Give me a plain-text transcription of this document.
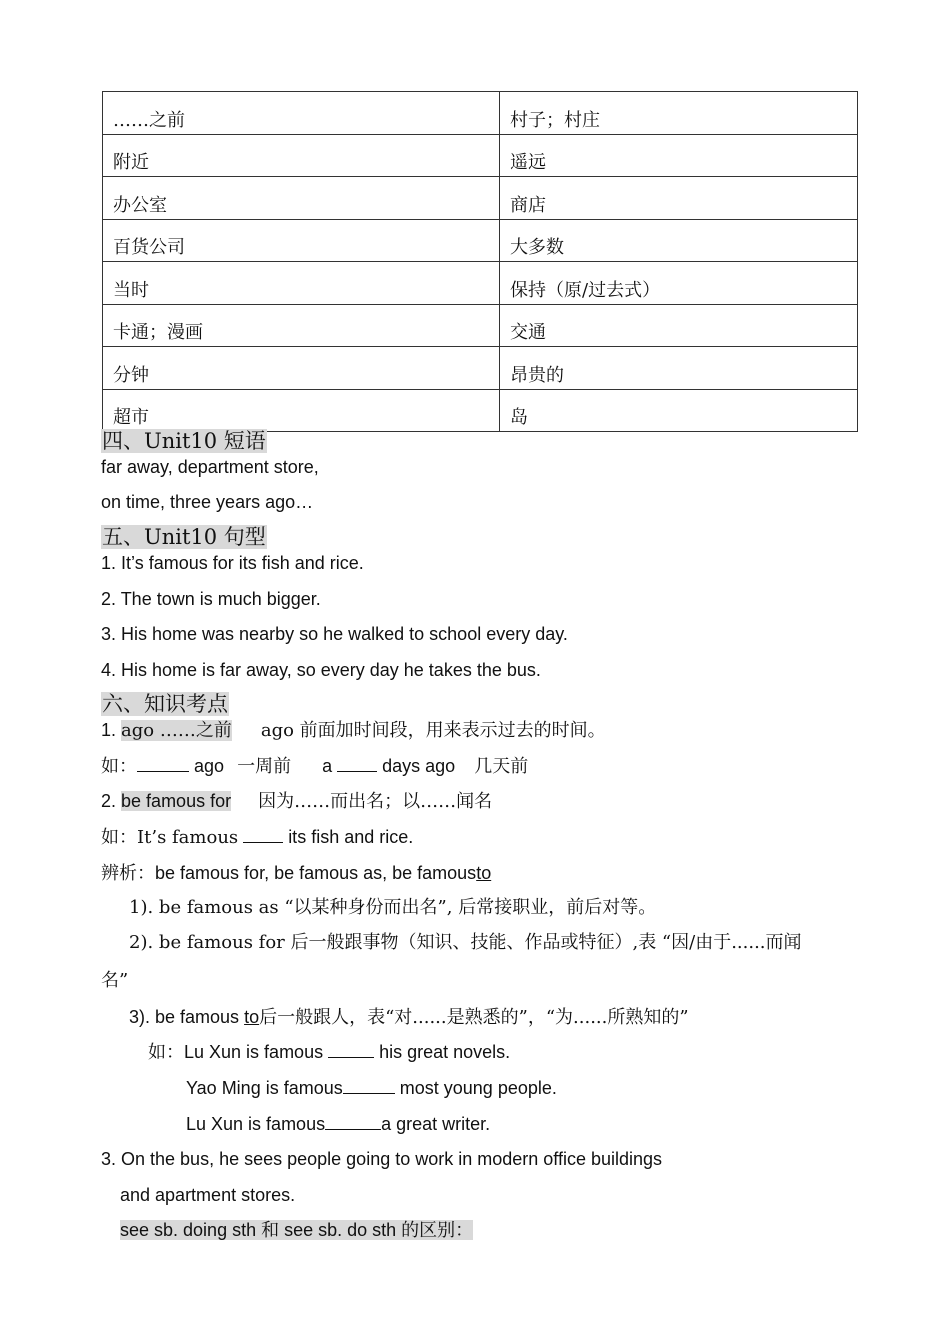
……之前	村子；村庄
附近	遥远
办公室	商店
百货公司	大多数
当时	保持（原/过去式）
卡通；漫画	交通
分钟	昂贵的
超市	岛
四、Unit10 短语
far away, department store,
on time, three years ago…
五、Unit10 句型
1. It’s famous for its fish and rice.
2. The town is much bigger.
3. His home was nearby so he walked to school every day.
4. His home is far away, so every day he takes the bus.
六、知识考点
1. ago ……之前 ago 前面加时间段，用来表示过去的时间。
如：	ago 一周前 a	days ago 几天前
2. be famous for 因为……而出名；以……闻名
如：It’s famous	its fish and rice.
辨析：be famous for, be famous as, be famousto
1). be famous as “以某种身份而出名”, 后常接职业，前后对等。
2). be famous for 后一般跟事物（知识、技能、作品或特征）,表 “因/由于......而闻
名”
3). be famous to后一般跟人，表“对......是熟悉的”，“为......所熟知的”
如：Lu Xun is famous	his great novels.
Yao Ming is famous	most young people.
Lu Xun is famous	a great writer.
3. On the bus, he sees people going to work in modern office buildings
and apartment stores.
see sb. doing sth 和 see sb. do sth 的区别：
